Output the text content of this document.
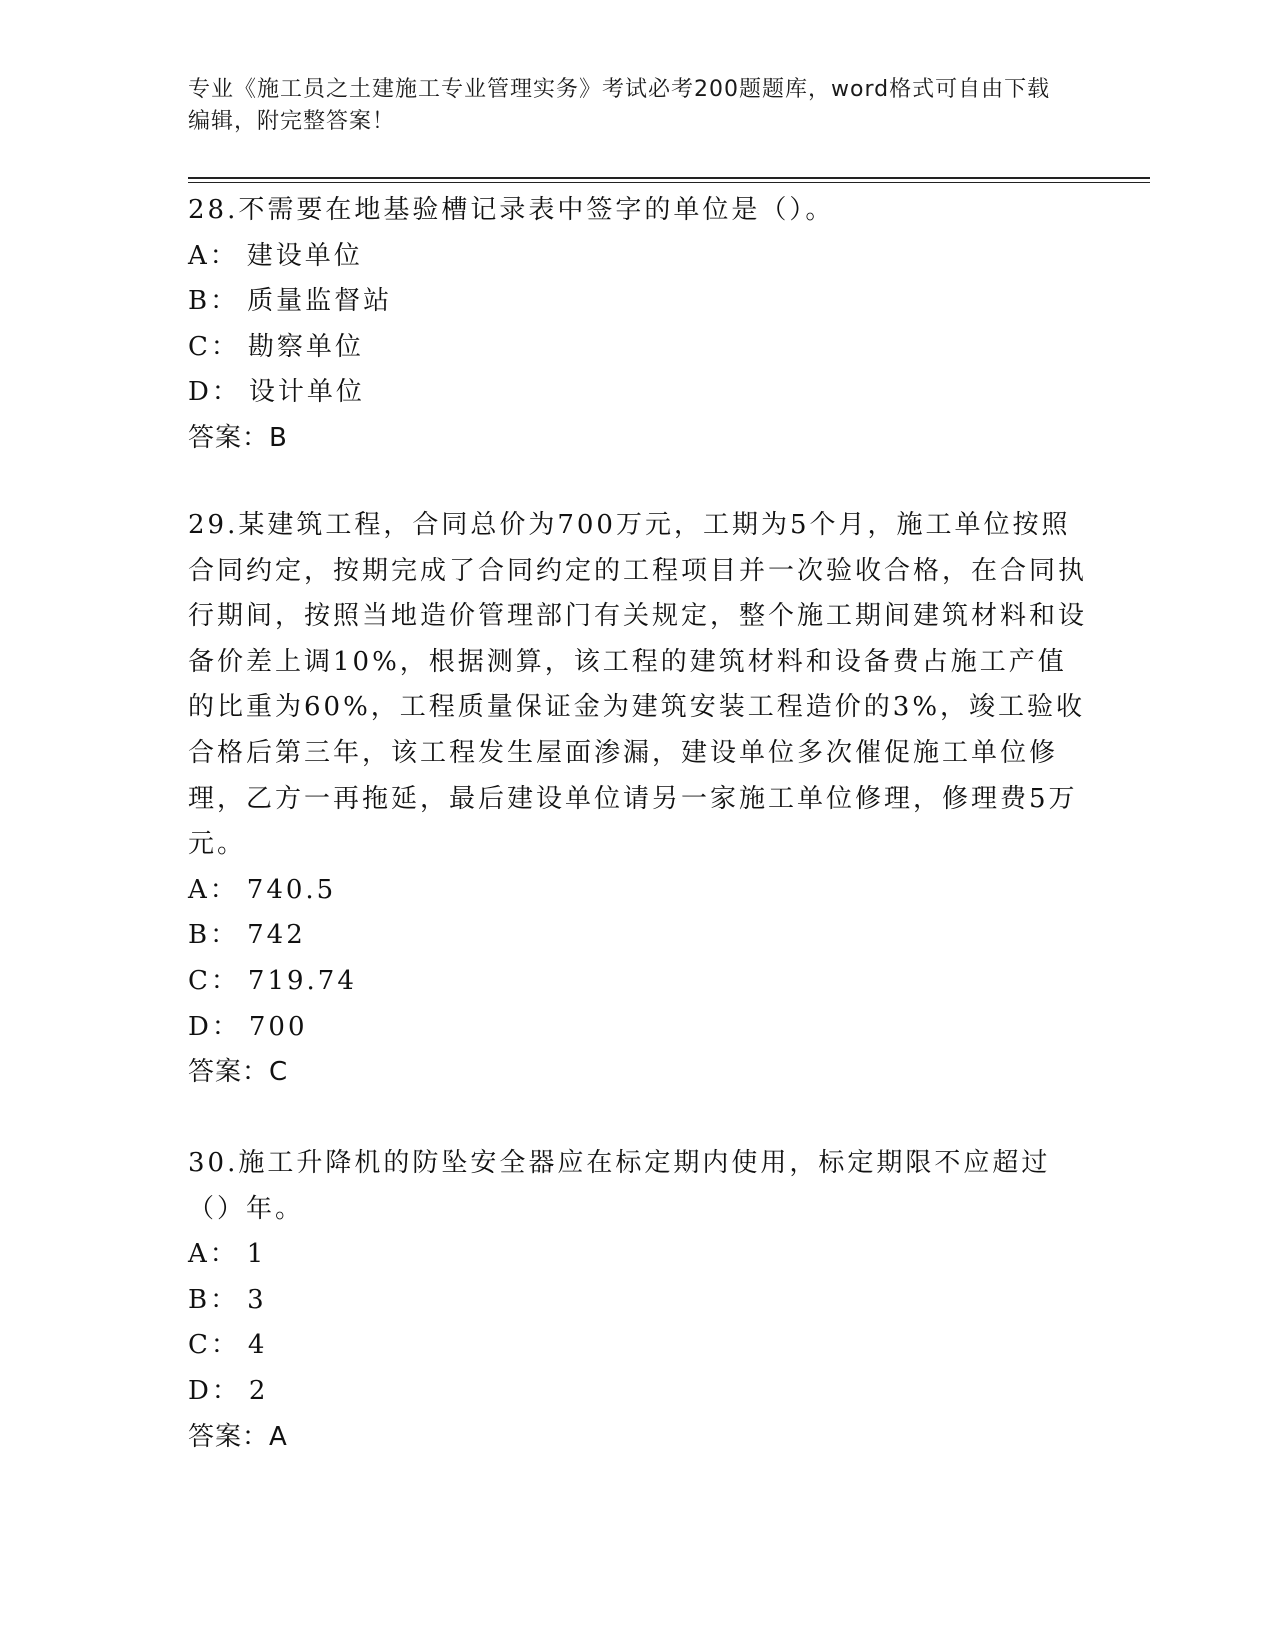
专业《施工员之土建施工专业管理实务》考试必考200题题库，word格式可自由下载编辑，附完整答案！

28.不需要在地基验槽记录表中签字的单位是（）。

A： 建设单位

B： 质量监督站

C： 勘察单位

D： 设计单位

答案：B

29.某建筑工程，合同总价为700万元，工期为5个月，施工单位按照合同约定，按期完成了合同约定的工程项目并一次验收合格，在合同执行期间，按照当地造价管理部门有关规定，整个施工期间建筑材料和设备价差上调10%，根据测算，该工程的建筑材料和设备费占施工产值的比重为60%，工程质量保证金为建筑安装工程造价的3%，竣工验收合格后第三年，该工程发生屋面渗漏，建设单位多次催促施工单位修理，乙方一再拖延，最后建设单位请另一家施工单位修理，修理费5万元。

A： 740.5

B： 742

C： 719.74

D： 700

答案：C

30.施工升降机的防坠安全器应在标定期内使用，标定期限不应超过（）年。

A： 1

B： 3

C： 4

D： 2

答案：A
